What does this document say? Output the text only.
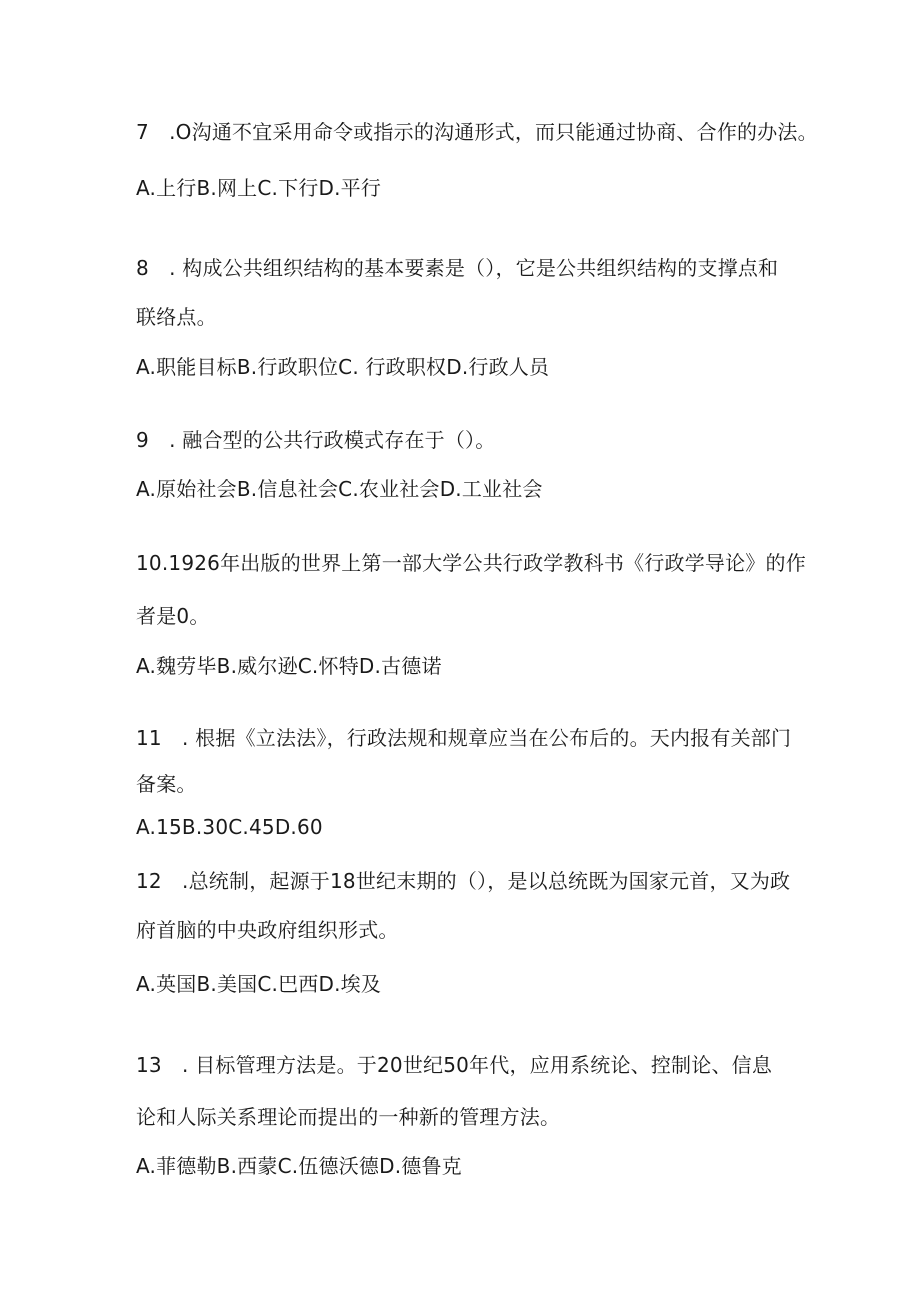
7　.O沟通不宜采用命令或指示的沟通形式，而只能通过协商、合作的办法。
A.上行B.网上C.下行D.平行
8　. 构成公共组织结构的基本要素是（），它是公共组织结构的支撑点和
联络点。
A.职能目标B.行政职位C. 行政职权D.行政人员
9　. 融合型的公共行政模式存在于（）。
A.原始社会B.信息社会C.农业社会D.工业社会
10.1926年出版的世界上第一部大学公共行政学教科书《行政学导论》的作
者是0。
A.魏劳毕B.威尔逊C.怀特D.古德诺
11　. 根据《立法法》，行政法规和规章应当在公布后的。天内报有关部门
备案。
A.15B.30C.45D.60
12　.总统制，起源于18世纪末期的（），是以总统既为国家元首，又为政
府首脑的中央政府组织形式。
A.英国B.美国C.巴西D.埃及
13　. 目标管理方法是。于20世纪50年代，应用系统论、控制论、信息
论和人际关系理论而提出的一种新的管理方法。
A.菲德勒B.西蒙C.伍德沃德D.德鲁克
